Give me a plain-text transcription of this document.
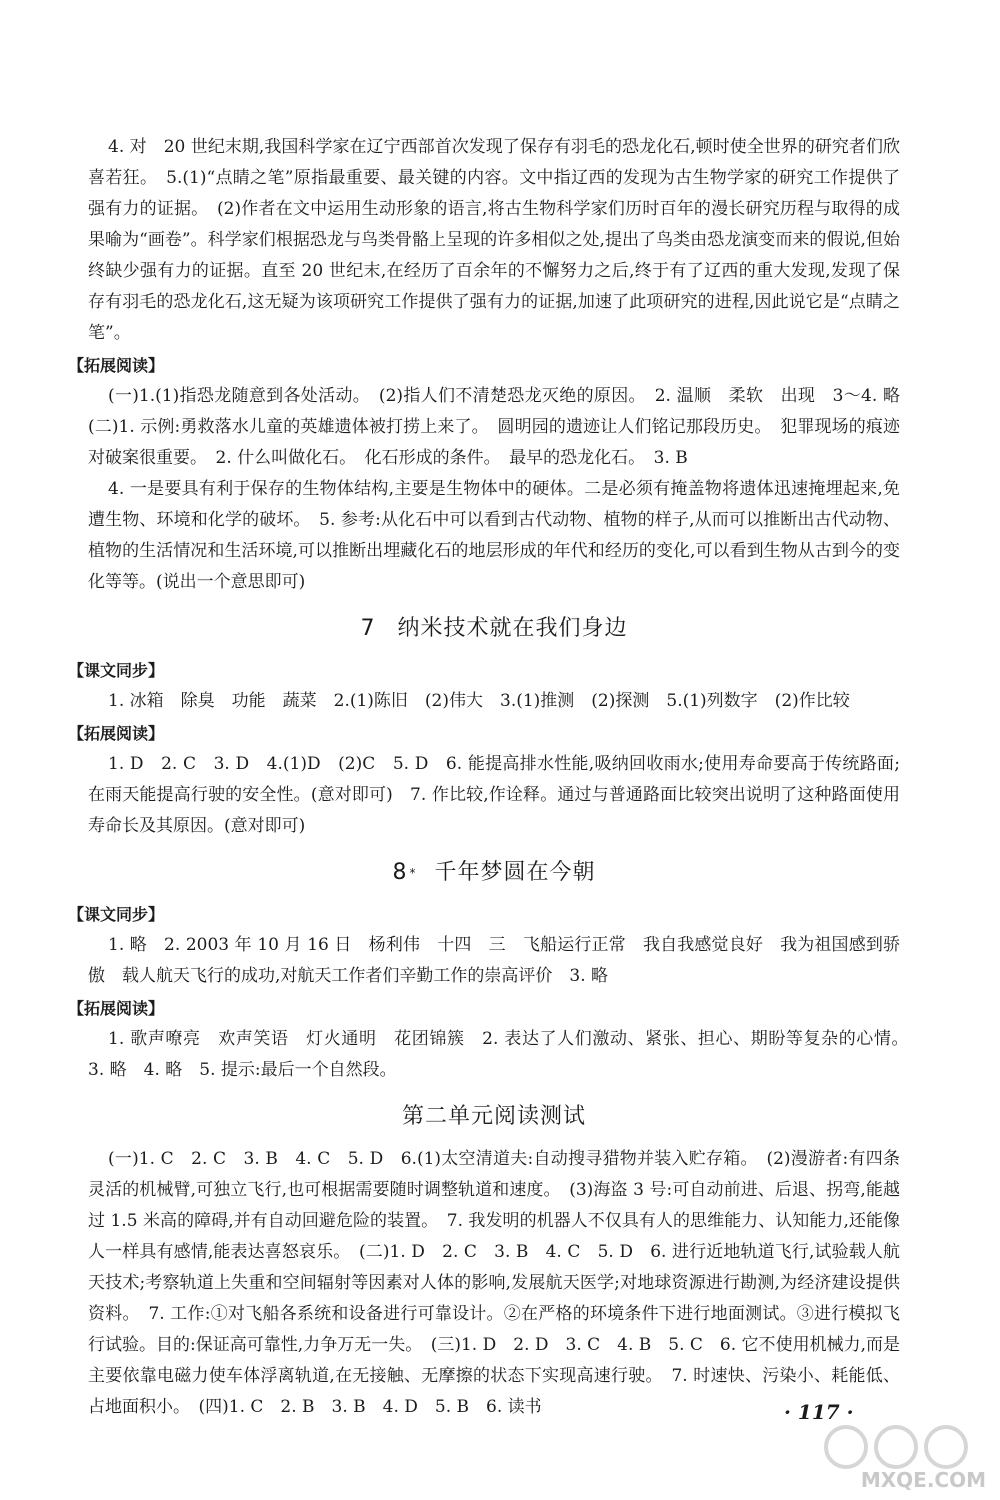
4. 对　20 世纪末期,我国科学家在辽宁西部首次发现了保存有羽毛的恐龙化石,顿时使全世界的研究者们欣喜若狂。　5.(1)“点睛之笔”原指最重要、最关键的内容。文中指辽西的发现为古生物学家的研究工作提供了强有力的证据。　(2)作者在文中运用生动形象的语言,将古生物科学家们历时百年的漫长研究历程与取得的成果喻为“画卷”。科学家们根据恐龙与鸟类骨骼上呈现的许多相似之处,提出了鸟类由恐龙演变而来的假说,但始终缺少强有力的证据。直至 20 世纪末,在经历了百余年的不懈努力之后,终于有了辽西的重大发现,发现了保存有羽毛的恐龙化石,这无疑为该项研究工作提供了强有力的证据,加速了此项研究的进程,因此说它是“点睛之笔”。

【拓展阅读】

(一)1.(1)指恐龙随意到各处活动。　(2)指人们不清楚恐龙灭绝的原因。　2. 温顺　柔软　出现　3～4. 略　(二)1. 示例:勇救落水儿童的英雄遗体被打捞上来了。　圆明园的遗迹让人们铭记那段历史。　犯罪现场的痕迹对破案很重要。　2. 什么叫做化石。　化石形成的条件。　最早的恐龙化石。　3. B

4. 一是要具有利于保存的生物体结构,主要是生物体中的硬体。二是必须有掩盖物将遗体迅速掩埋起来,免遭生物、环境和化学的破坏。　5. 参考:从化石中可以看到古代动物、植物的样子,从而可以推断出古代动物、植物的生活情况和生活环境,可以推断出埋藏化石的地层形成的年代和经历的变化,可以看到生物从古到今的变化等等。(说出一个意思即可)

7 纳米技术就在我们身边
【课文同步】

1. 冰箱　除臭　功能　蔬菜　2.(1)陈旧　(2)伟大　3.(1)推测　(2)探测　5.(1)列数字　(2)作比较

【拓展阅读】

1. D　2. C　3. D　4.(1)D　(2)C　5. D　6. 能提高排水性能,吸纳回收雨水;使用寿命要高于传统路面;在雨天能提高行驶的安全性。(意对即可)　7. 作比较,作诠释。通过与普通路面比较突出说明了这种路面使用寿命长及其原因。(意对即可)

8 * 千年梦圆在今朝
【课文同步】

1. 略　2. 2003 年 10 月 16 日　杨利伟　十四　三　飞船运行正常　我自我感觉良好　我为祖国感到骄傲　载人航天飞行的成功,对航天工作者们辛勤工作的崇高评价　3. 略

【拓展阅读】

1. 歌声嘹亮　欢声笑语　灯火通明　花团锦簇　2. 表达了人们激动、紧张、担心、期盼等复杂的心情。　3. 略　4. 略　5. 提示:最后一个自然段。

第二单元阅读测试

(一)1. C　2. C　3. B　4. C　5. D　6.(1)太空清道夫:自动搜寻猎物并装入贮存箱。　(2)漫游者:有四条灵活的机械臂,可独立飞行,也可根据需要随时调整轨道和速度。　(3)海盗 3 号:可自动前进、后退、拐弯,能越过 1.5 米高的障碍,并有自动回避危险的装置。　7. 我发明的机器人不仅具有人的思维能力、认知能力,还能像人一样具有感情,能表达喜怒哀乐。　(二)1. D　2. C　3. B　4. C　5. D　6. 进行近地轨道飞行,试验载人航天技术;考察轨道上失重和空间辐射等因素对人体的影响,发展航天医学;对地球资源进行勘测,为经济建设提供资料。　7. 工作:①对飞船各系统和设备进行可靠设计。②在严格的环境条件下进行地面测试。③进行模拟飞行试验。目的:保证高可靠性,力争万无一失。　(三)1. D　2. D　3. C　4. B　5. C　6. 它不使用机械力,而是主要依靠电磁力使车体浮离轨道,在无接触、无摩擦的状态下实现高速行驶。　7. 时速快、污染小、耗能低、占地面积小。　(四)1. C　2. B　3. B　4. D　5. B　6. 读书	· 117 ·
MXQE.COM
